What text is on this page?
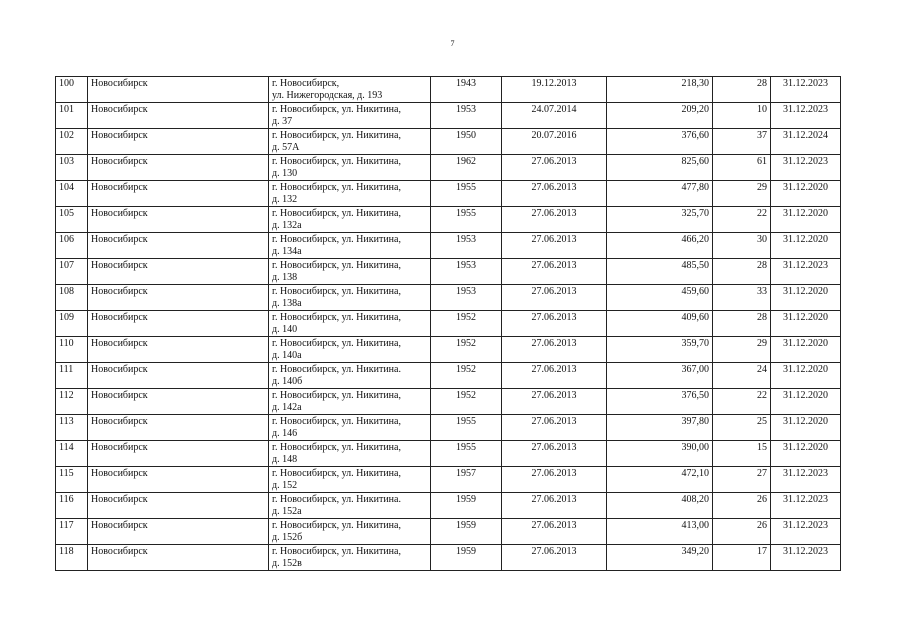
7
100	Новосибирск	г. Новосибирск,
ул. Нижегородская, д. 193	1943	19.12.2013	218,30	28	31.12.2023
101	Новосибирск	г. Новосибирск, ул. Никитина,
д. 37	1953	24.07.2014	209,20	10	31.12.2023
102	Новосибирск	г. Новосибирск, ул. Никитина,
д. 57А	1950	20.07.2016	376,60	37	31.12.2024
103	Новосибирск	г. Новосибирск, ул. Никитина,
д. 130	1962	27.06.2013	825,60	61	31.12.2023
104	Новосибирск	г. Новосибирск, ул. Никитина,
д. 132	1955	27.06.2013	477,80	29	31.12.2020
105	Новосибирск	г. Новосибирск, ул. Никитина,
д. 132а	1955	27.06.2013	325,70	22	31.12.2020
106	Новосибирск	г. Новосибирск, ул. Никитина,
д. 134а	1953	27.06.2013	466,20	30	31.12.2020
107	Новосибирск	г. Новосибирск, ул. Никитина,
д. 138	1953	27.06.2013	485,50	28	31.12.2023
108	Новосибирск	г. Новосибирск, ул. Никитина,
д. 138а	1953	27.06.2013	459,60	33	31.12.2020
109	Новосибирск	г. Новосибирск, ул. Никитина,
д. 140	1952	27.06.2013	409,60	28	31.12.2020
110	Новосибирск	г. Новосибирск, ул. Никитина,
д. 140а	1952	27.06.2013	359,70	29	31.12.2020
111	Новосибирск	г. Новосибирск, ул. Никитина.
д. 140б	1952	27.06.2013	367,00	24	31.12.2020
112	Новосибирск	г. Новосибирск, ул. Никитина,
д. 142а	1952	27.06.2013	376,50	22	31.12.2020
113	Новосибирск	г. Новосибирск, ул. Никитина,
д. 146	1955	27.06.2013	397,80	25	31.12.2020
114	Новосибирск	г. Новосибирск, ул. Никитина,
д. 148	1955	27.06.2013	390,00	15	31.12.2020
115	Новосибирск	г. Новосибирск, ул. Никитина,
д. 152	1957	27.06.2013	472,10	27	31.12.2023
116	Новосибирск	г. Новосибирск, ул. Никитина.
д. 152а	1959	27.06.2013	408,20	26	31.12.2023
117	Новосибирск	г. Новосибирск, ул. Никитина,
д. 152б	1959	27.06.2013	413,00	26	31.12.2023
118	Новосибирск	г. Новосибирск, ул. Никитина,
д. 152в	1959	27.06.2013	349,20	17	31.12.2023
